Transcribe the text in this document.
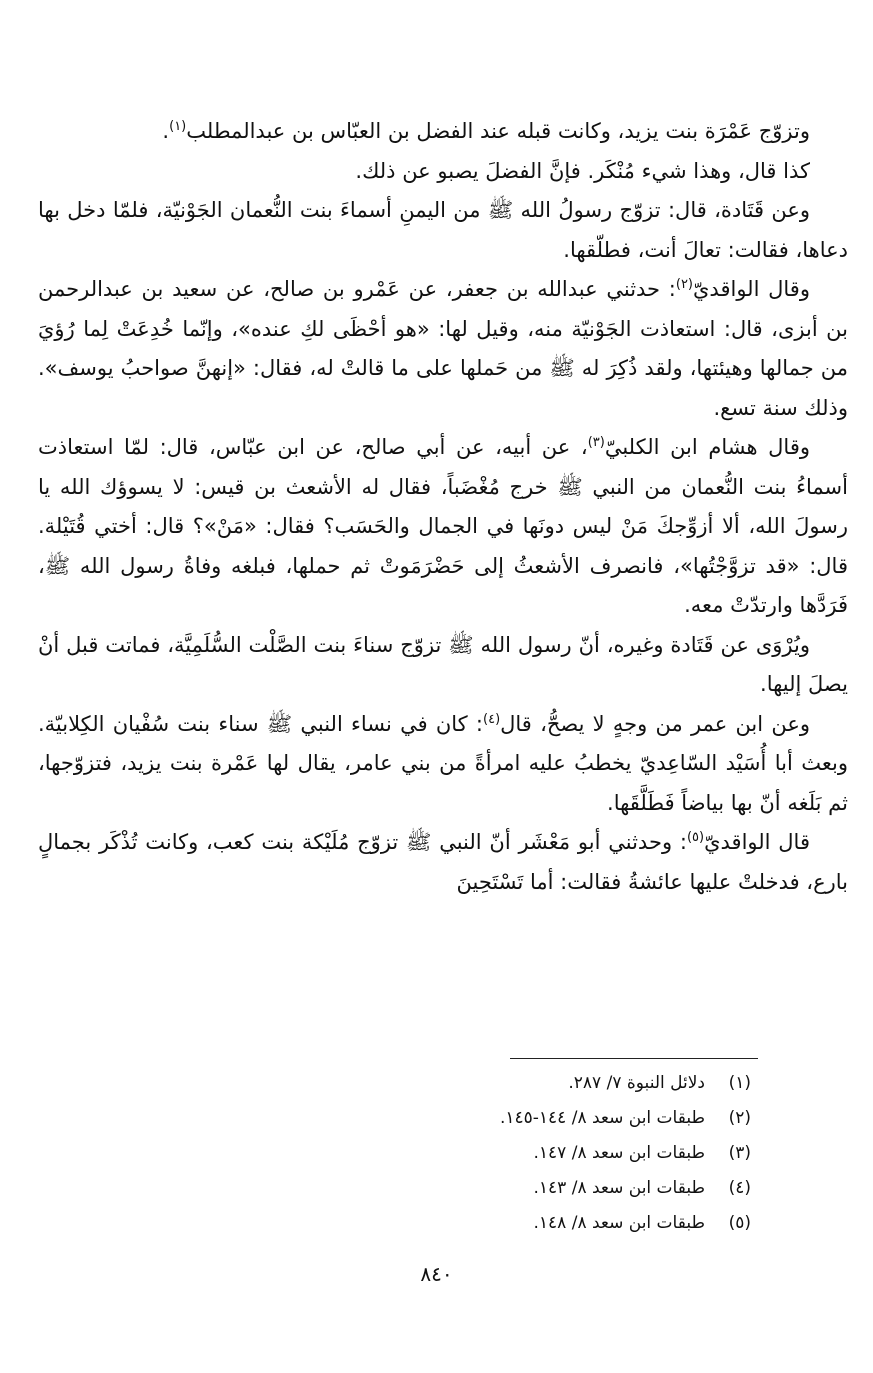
وتزوّج عَمْرَة بنت يزيد، وكانت قبله عند الفضل بن العبّاس بن عبدالمطلب$^{(١)}$.

كذا قال، وهذا شيء مُنْكَر. فإنَّ الفضلَ يصبو عن ذلك.

وعن قَتَادة، قال: تزوّج رسولُ الله ﷺ من اليمنِ أسماءَ بنت النُّعمان الجَوْنيّة، فلمّا دخل بها دعاها، فقالت: تعالَ أنت، فطلّقها.

وقال الواقديّ$^{(٢)}$: حدثني عبدالله بن جعفر، عن عَمْرو بن صالح، عن سعيد بن عبدالرحمن بن أبزى، قال: استعاذت الجَوْنيّة منه، وقيل لها: «هو أحْظَى لكِ عنده»، وإنّما خُدِعَتْ لِما رُؤيَ من جمالها وهيئتها، ولقد ذُكِرَ له ﷺ من حَملها على ما قالتْ له، فقال: «إنهنَّ صواحبُ يوسف». وذلك سنة تسع.

وقال هشام ابن الكلبيّ$^{(٣)}$، عن أبيه، عن أبي صالح، عن ابن عبّاس، قال: لمّا استعاذت أسماءُ بنت النُّعمان من النبي ﷺ خرج مُغْضَباً، فقال له الأشعث بن قيس: لا يسوؤك الله يا رسولَ الله، ألا أزوِّجكَ مَنْ ليس دونَها في الجمال والحَسَب؟ فقال: «مَنْ»؟ قال: أختي قُتَيْلة. قال: «قد تزوَّجْتُها»، فانصرف الأشعثُ إلى حَضْرَمَوتْ ثم حملها، فبلغه وفاةُ رسول الله ﷺ، فَرَدَّها وارتدّتْ معه.

ويُرْوَى عن قَتَادة وغيره، أنّ رسول الله ﷺ تزوّج سناءَ بنت الصَّلْت السُّلَمِيَّة، فماتت قبل أنْ يصلَ إليها.

وعن ابن عمر من وجهٍ لا يصحُّ، قال$^{(٤)}$: كان في نساء النبي ﷺ سناء بنت سُفْيان الكِلابيّة. وبعث أبا أُسَيْد السّاعِديّ يخطبُ عليه امرأةً من بني عامر، يقال لها عَمْرة بنت يزيد، فتزوّجها، ثم بَلَغه أنّ بها بياضاً فَطَلَّقَها.

قال الواقديّ$^{(٥)}$: وحدثني أبو مَعْشَر أنّ النبي ﷺ تزوّج مُلَيْكة بنت كعب، وكانت تُذْكَر بجمالٍ بارع، فدخلتْ عليها عائشةُ فقالت: أما تَسْتَحِينَ

(١)
دلائل النبوة ٧/ ٢٨٧.
(٢)
طبقات ابن سعد ٨/ ١٤٤-١٤٥.
(٣)
طبقات ابن سعد ٨/ ١٤٧.
(٤)
طبقات ابن سعد ٨/ ١٤٣.
(٥)
طبقات ابن سعد ٨/ ١٤٨.
٨٤٠
